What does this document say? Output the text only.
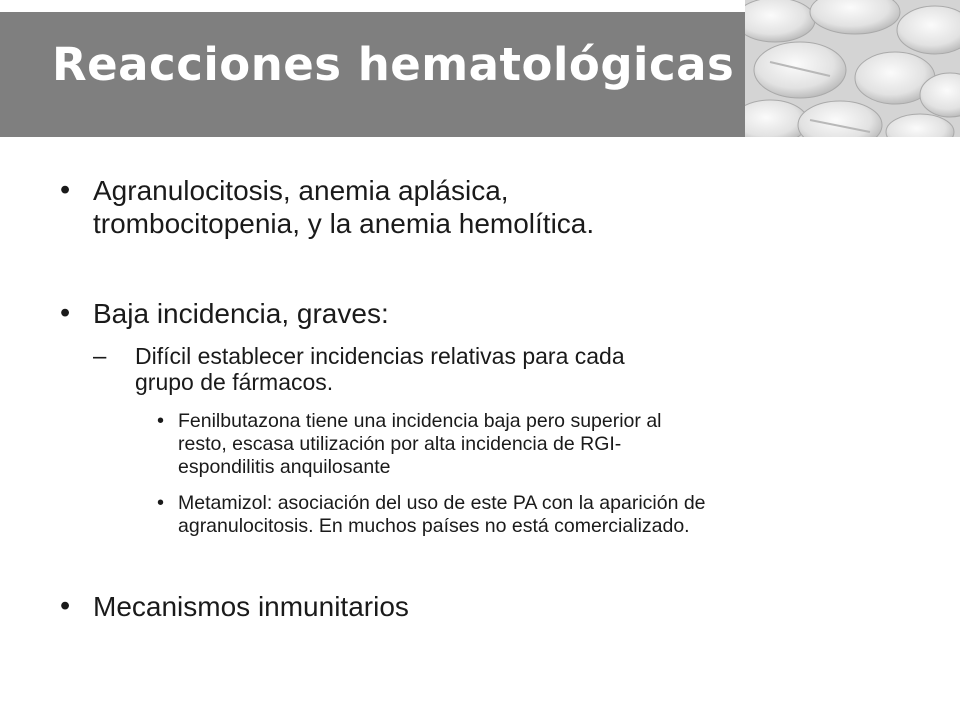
Reacciones hematológicas
• Agranulocitosis, anemia aplásica,
trombocitopenia, y la anemia hemolítica.
• Baja incidencia, graves:
– Difícil establecer incidencias relativas para cada
grupo de fármacos.
• Fenilbutazona tiene una incidencia baja pero superior al
resto, escasa utilización por alta incidencia de RGI-
espondilitis anquilosante
• Metamizol: asociación del uso de este PA con la aparición de
agranulocitosis. En muchos países no está comercializado.
• Mecanismos inmunitarios
